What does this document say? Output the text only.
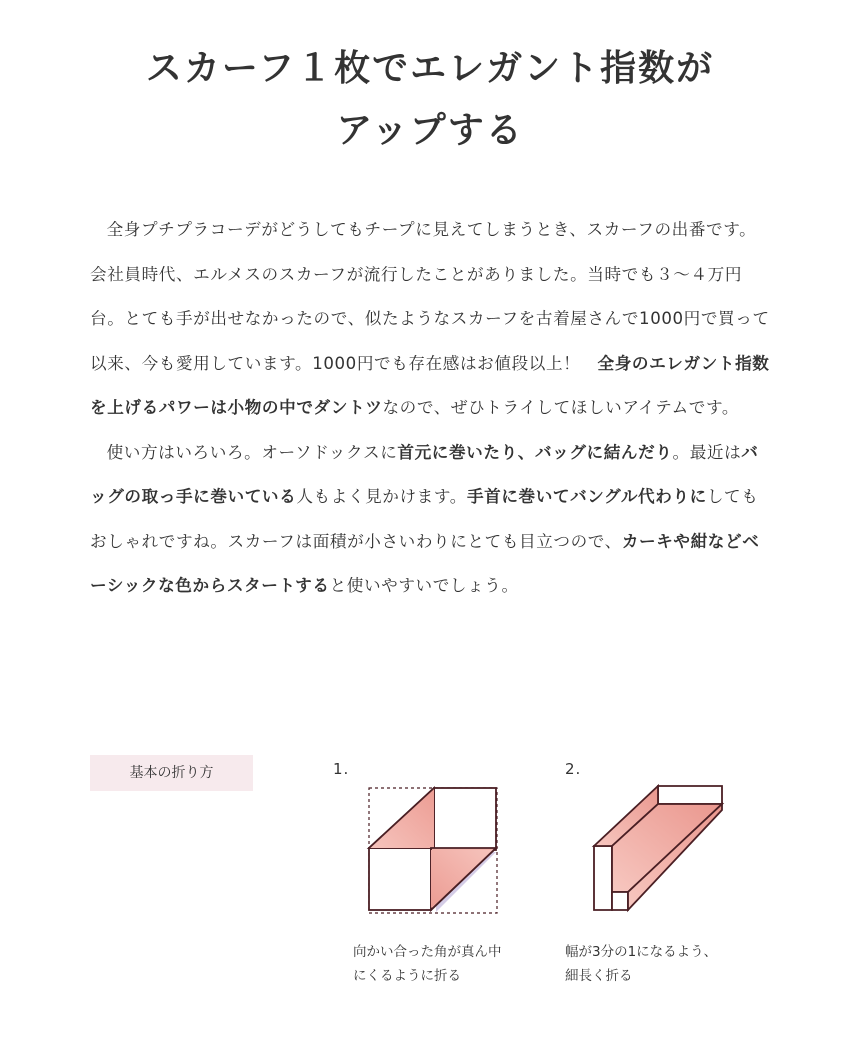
スカーフ１枚でエレガント指数が
アップする

全身プチプラコーデがどうしてもチープに見えてしまうとき、スカーフの出番です。会社員時代、エルメスのスカーフが流行したことがありました。当時でも３～４万円台。とても手が出せなかったので、似たようなスカーフを古着屋さんで1000円で買って以来、今も愛用しています。1000円でも存在感はお値段以上！　全身のエレガント指数を上げるパワーは小物の中でダントツなので、ぜひトライしてほしいアイテムです。

使い方はいろいろ。オーソドックスに首元に巻いたり、バッグに結んだり。最近はバッグの取っ手に巻いている人もよく見かけます。手首に巻いてバングル代わりにしてもおしゃれですね。スカーフは面積が小さいわりにとても目立つので、カーキや紺などベーシックな色からスタートすると使いやすいでしょう。

基本の折り方	1.
向かい合った角が真ん中
にくるように折る
2.
幅が3分の1になるよう、
細長く折る
